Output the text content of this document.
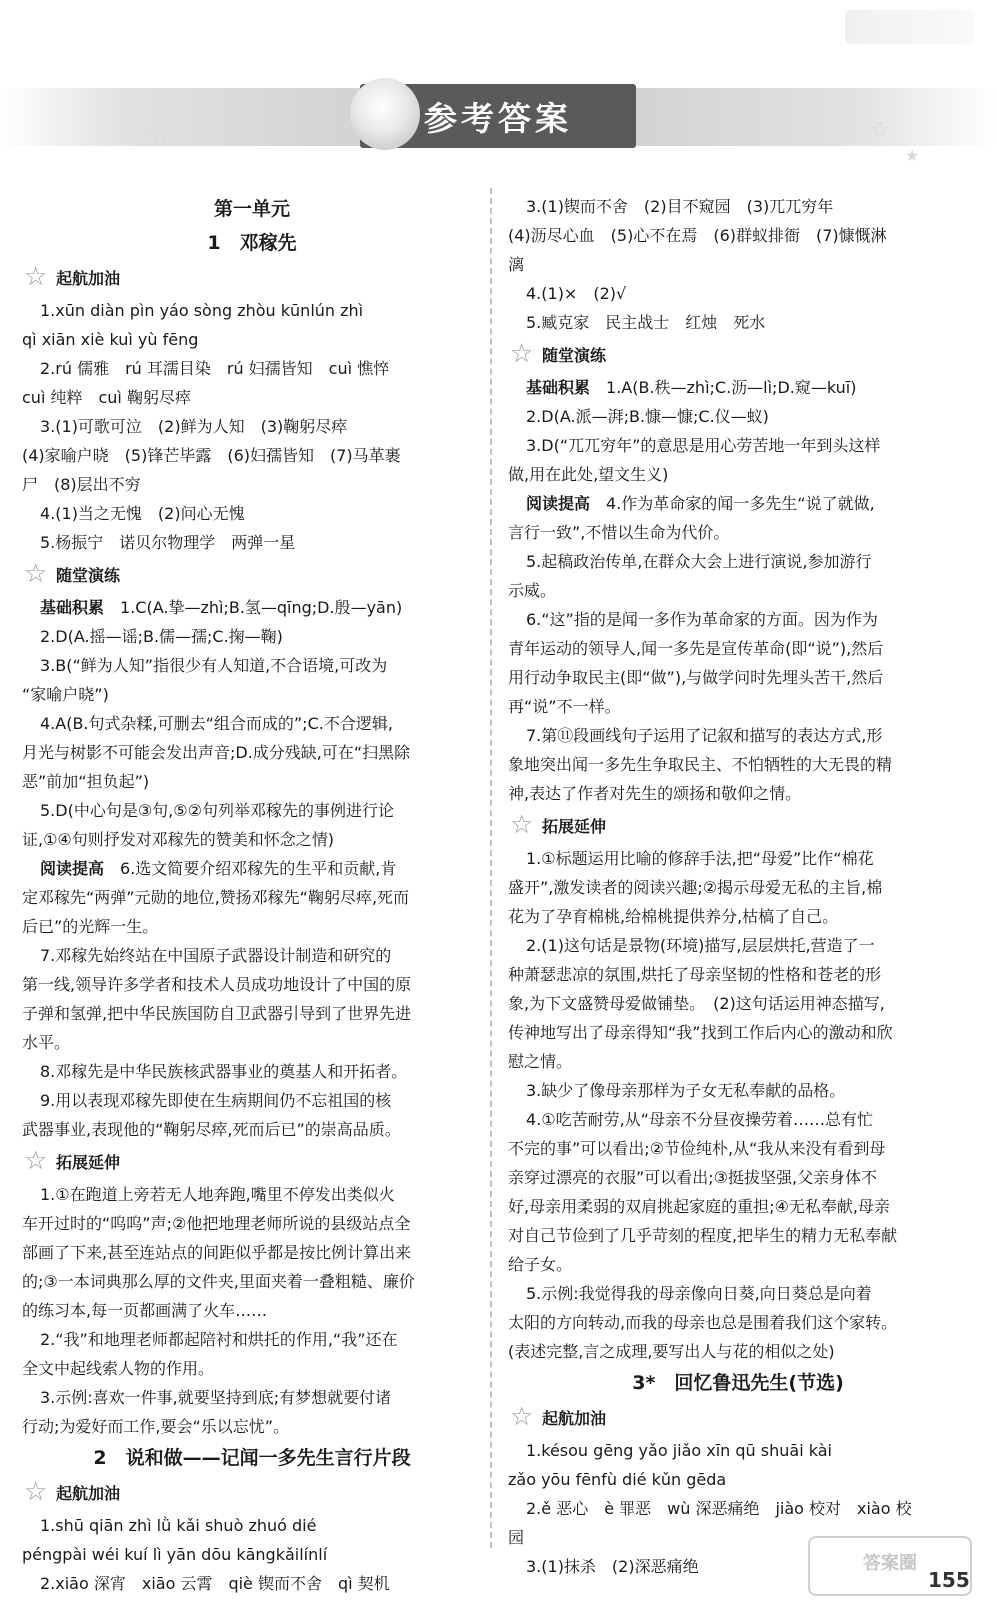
☆	☆
★
参考答案
第一单元
1　邓稼先
☆ 起航加油
1.xūn diàn pìn yáo sòng zhòu kūnlún zhì
qì xiān xiè kuì yù fēng
2.rú 儒雅　rú 耳濡目染　rú 妇孺皆知　cuì 憔悴
cuì 纯粹　cuì 鞠躬尽瘁
3.(1)可歌可泣　(2)鲜为人知　(3)鞠躬尽瘁
(4)家喻户晓　(5)锋芒毕露　(6)妇孺皆知　(7)马革裹
尸　(8)层出不穷
4.(1)当之无愧　(2)问心无愧
5.杨振宁　诺贝尔物理学　两弹一星
☆ 随堂演练
基础积累　1.C(A.挚—zhì;B.氢—qīng;D.殷—yān)
2.D(A.摇—谣;B.儒—孺;C.掬—鞠)
3.B(“鲜为人知”指很少有人知道,不合语境,可改为
“家喻户晓”)
4.A(B.句式杂糅,可删去“组合而成的”;C.不合逻辑,
月光与树影不可能会发出声音;D.成分残缺,可在“扫黑除
恶”前加“担负起”)
5.D(中心句是③句,⑤②句列举邓稼先的事例进行论
证,①④句则抒发对邓稼先的赞美和怀念之情)
阅读提高　6.选文简要介绍邓稼先的生平和贡献,肯
定邓稼先“两弹”元勋的地位,赞扬邓稼先“鞠躬尽瘁,死而
后已”的光辉一生。
7.邓稼先始终站在中国原子武器设计制造和研究的
第一线,领导许多学者和技术人员成功地设计了中国的原
子弹和氢弹,把中华民族国防自卫武器引导到了世界先进
水平。
8.邓稼先是中华民族核武器事业的奠基人和开拓者。
9.用以表现邓稼先即使在生病期间仍不忘祖国的核
武器事业,表现他的“鞠躬尽瘁,死而后已”的崇高品质。
☆ 拓展延伸
1.①在跑道上旁若无人地奔跑,嘴里不停发出类似火
车开过时的“呜呜”声;②他把地理老师所说的县级站点全
部画了下来,甚至连站点的间距似乎都是按比例计算出来
的;③一本词典那么厚的文件夹,里面夹着一叠粗糙、廉价
的练习本,每一页都画满了火车……
2.“我”和地理老师都起陪衬和烘托的作用,“我”还在
全文中起线索人物的作用。
3.示例:喜欢一件事,就要坚持到底;有梦想就要付诸
行动;为爱好而工作,要会“乐以忘忧”。
2　说和做——记闻一多先生言行片段
☆ 起航加油
1.shū qiān zhì lǜ kǎi shuò zhuó dié
péngpài wéi kuí lì yān dōu kāngkǎilínlí
2.xiāo 深宵　xiāo 云霄　qiè 锲而不舍　qì 契机
3.(1)锲而不舍　(2)目不窥园　(3)兀兀穷年
(4)沥尽心血　(5)心不在焉　(6)群蚁排衙　(7)慷慨淋
漓
4.(1)×　(2)√
5.臧克家　民主战士　红烛　死水
☆ 随堂演练
基础积累　1.A(B.秩—zhì;C.沥—lì;D.窥—kuī)
2.D(A.派—湃;B.慷—慷;C.仪—蚁)
3.D(“兀兀穷年”的意思是用心劳苦地一年到头这样
做,用在此处,望文生义)
阅读提高　4.作为革命家的闻一多先生“说了就做,
言行一致”,不惜以生命为代价。
5.起稿政治传单,在群众大会上进行演说,参加游行
示威。
6.“这”指的是闻一多作为革命家的方面。因为作为
青年运动的领导人,闻一多先是宣传革命(即“说”),然后
用行动争取民主(即“做”),与做学问时先埋头苦干,然后
再“说”不一样。
7.第⑪段画线句子运用了记叙和描写的表达方式,形
象地突出闻一多先生争取民主、不怕牺牲的大无畏的精
神,表达了作者对先生的颂扬和敬仰之情。
☆ 拓展延伸
1.①标题运用比喻的修辞手法,把“母爱”比作“棉花
盛开”,激发读者的阅读兴趣;②揭示母爱无私的主旨,棉
花为了孕育棉桃,给棉桃提供养分,枯槁了自己。
2.(1)这句话是景物(环境)描写,层层烘托,营造了一
种萧瑟悲凉的氛围,烘托了母亲坚韧的性格和苍老的形
象,为下文盛赞母爱做铺垫。　(2)这句话运用神态描写,
传神地写出了母亲得知“我”找到工作后内心的激动和欣
慰之情。
3.缺少了像母亲那样为子女无私奉献的品格。
4.①吃苦耐劳,从“母亲不分昼夜操劳着……总有忙
不完的事”可以看出;②节俭纯朴,从“我从来没有看到母
亲穿过漂亮的衣服”可以看出;③挺拔坚强,父亲身体不
好,母亲用柔弱的双肩挑起家庭的重担;④无私奉献,母亲
对自己节俭到了几乎苛刻的程度,把毕生的精力无私奉献
给子女。
5.示例:我觉得我的母亲像向日葵,向日葵总是向着
太阳的方向转动,而我的母亲也总是围着我们这个家转。
(表述完整,言之成理,要写出人与花的相似之处)
3*　回忆鲁迅先生(节选)
☆ 起航加油
1.késou gēng yǎo jiǎo xīn qū shuāi kài
zǎo yōu fēnfù dié kǔn gēda
2.ě 恶心　è 罪恶　wù 深恶痛绝　jiào 校对　xiào 校
园
3.(1)抹杀　(2)深恶痛绝
155
答案圈
